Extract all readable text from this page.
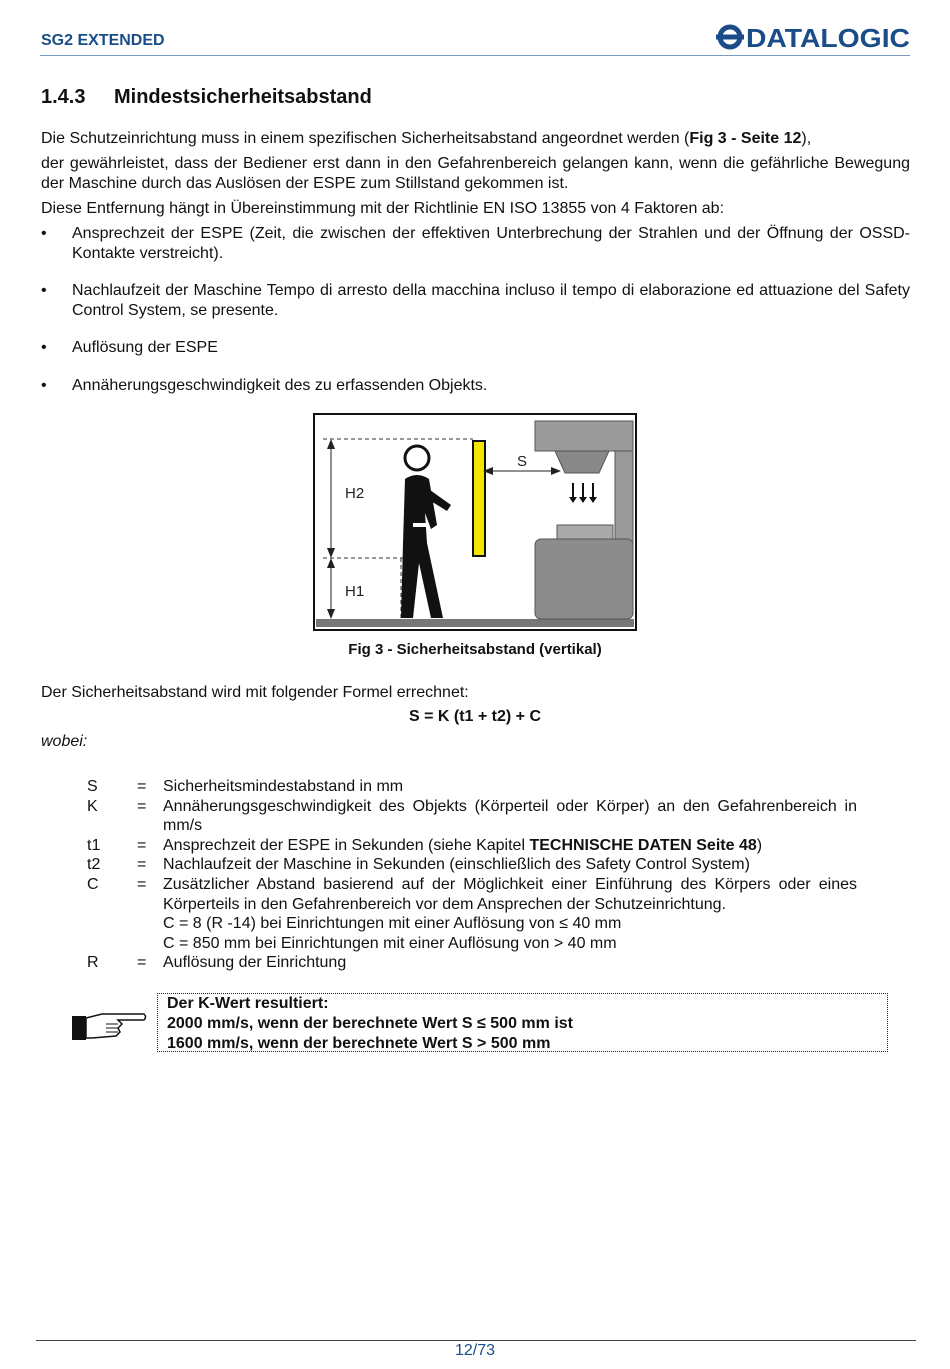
SG2 EXTENDED	DATALOGIC
1.4.3 Mindestsicherheitsabstand
Die Schutzeinrichtung muss in einem spezifischen Sicherheitsabstand angeordnet werden (Fig 3 - Seite 12),
der gewährleistet, dass der Bediener erst dann in den Gefahrenbereich gelangen kann, wenn die gefährliche Bewegung der Maschine durch das Auslösen der ESPE zum Stillstand gekommen ist.
Diese Entfernung hängt in Übereinstimmung mit der Richtlinie EN ISO 13855 von 4 Faktoren ab:
• Ansprechzeit der ESPE (Zeit, die zwischen der effektiven Unterbrechung der Strahlen und der Öffnung der OSSD-Kontakte verstreicht).
• Nachlaufzeit der Maschine Tempo di arresto della macchina incluso il tempo di elaborazione ed attuazione del Safety Control System, se presente.
• Auflösung der ESPE
• Annäherungsgeschwindigkeit des zu erfassenden Objekts.
H2
H1
S
Fig 3 - Sicherheitsabstand (vertikal)
Der Sicherheitsabstand wird mit folgender Formel errechnet:
S = K (t1 + t2) + C
wobei:
S	=	Sicherheitsmindestabstand in mm
K	=	Annäherungsgeschwindigkeit des Objekts (Körperteil oder Körper) an den Gefahrenbereich in mm/s
t1	=	Ansprechzeit der ESPE in Sekunden (siehe Kapitel TECHNISCHE DATEN Seite 48)
t2	=	Nachlaufzeit der Maschine in Sekunden (einschließlich des Safety Control System)
C	=	Zusätzlicher Abstand basierend auf der Möglichkeit einer Einführung des Körpers oder eines Körperteils in den Gefahrenbereich vor dem Ansprechen der Schutzeinrichtung.
C = 8 (R -14) bei Einrichtungen mit einer Auflösung von ≤ 40 mm
C = 850 mm bei Einrichtungen mit einer Auflösung von > 40 mm
R	=	Auflösung der Einrichtung
Der K-Wert resultiert:
2000 mm/s, wenn der berechnete Wert S ≤ 500 mm ist
1600 mm/s, wenn der berechnete Wert S > 500 mm
12/73
